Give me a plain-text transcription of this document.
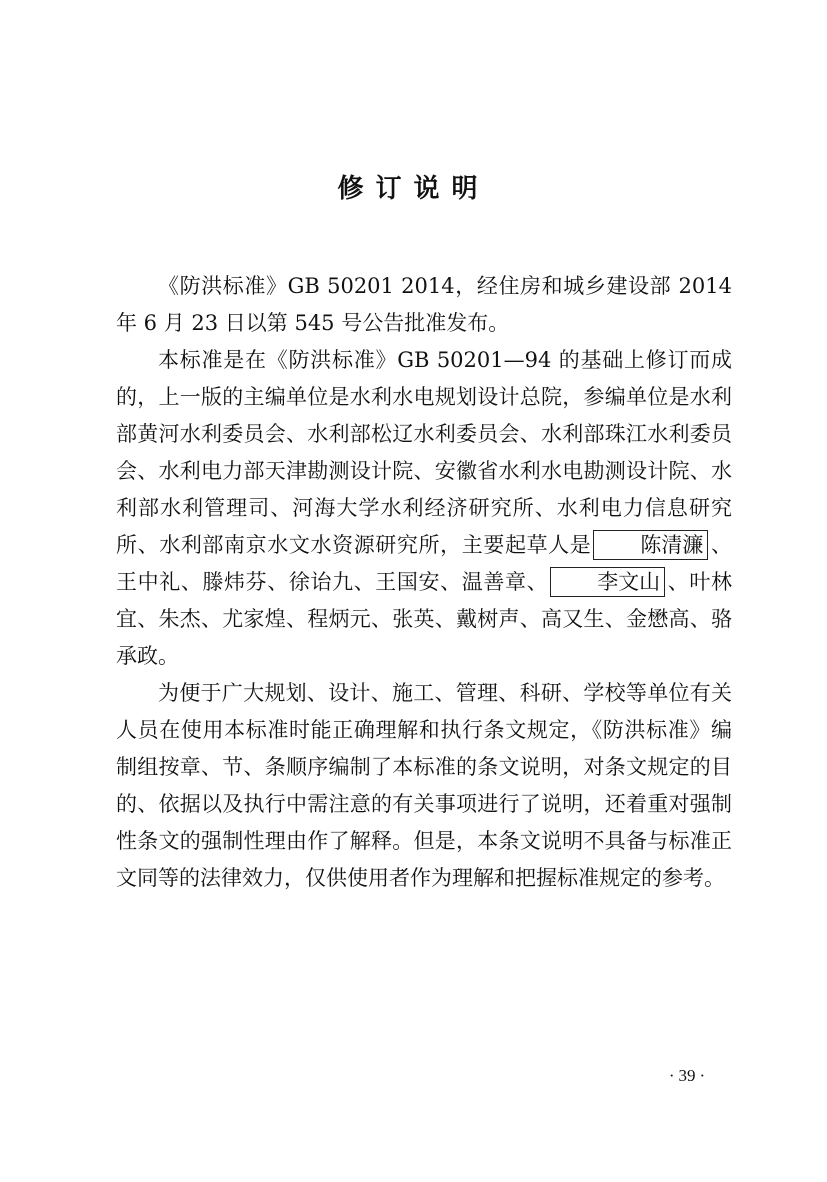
修订说明

《防洪标准》GB 50201 2014，经住房和城乡建设部 2014 年 6 月 23 日以第 545 号公告批准发布。

本标准是在《防洪标准》GB 50201—94 的基础上修订而成的，上一版的主编单位是水利水电规划设计总院，参编单位是水利部黄河水利委员会、水利部松辽水利委员会、水利部珠江水利委员会、水利电力部天津勘测设计院、安徽省水利水电勘测设计院、水利部水利管理司、河海大学水利经济研究所、水利电力信息研究所、水利部南京水文水资源研究所，主要起草人是 陈清濂 、王中礼、滕炜芬、徐诒九、王国安、温善章、 李文山 、叶林宜、朱杰、尤家煌、程炳元、张英、戴树声、高又生、金懋高、骆承政。

为便于广大规划、设计、施工、管理、科研、学校等单位有关人员在使用本标准时能正确理解和执行条文规定，《防洪标准》编制组按章、节、条顺序编制了本标准的条文说明，对条文规定的目的、依据以及执行中需注意的有关事项进行了说明，还着重对强制性条文的强制性理由作了解释。但是，本条文说明不具备与标准正文同等的法律效力，仅供使用者作为理解和把握标准规定的参考。

· 39 ·
